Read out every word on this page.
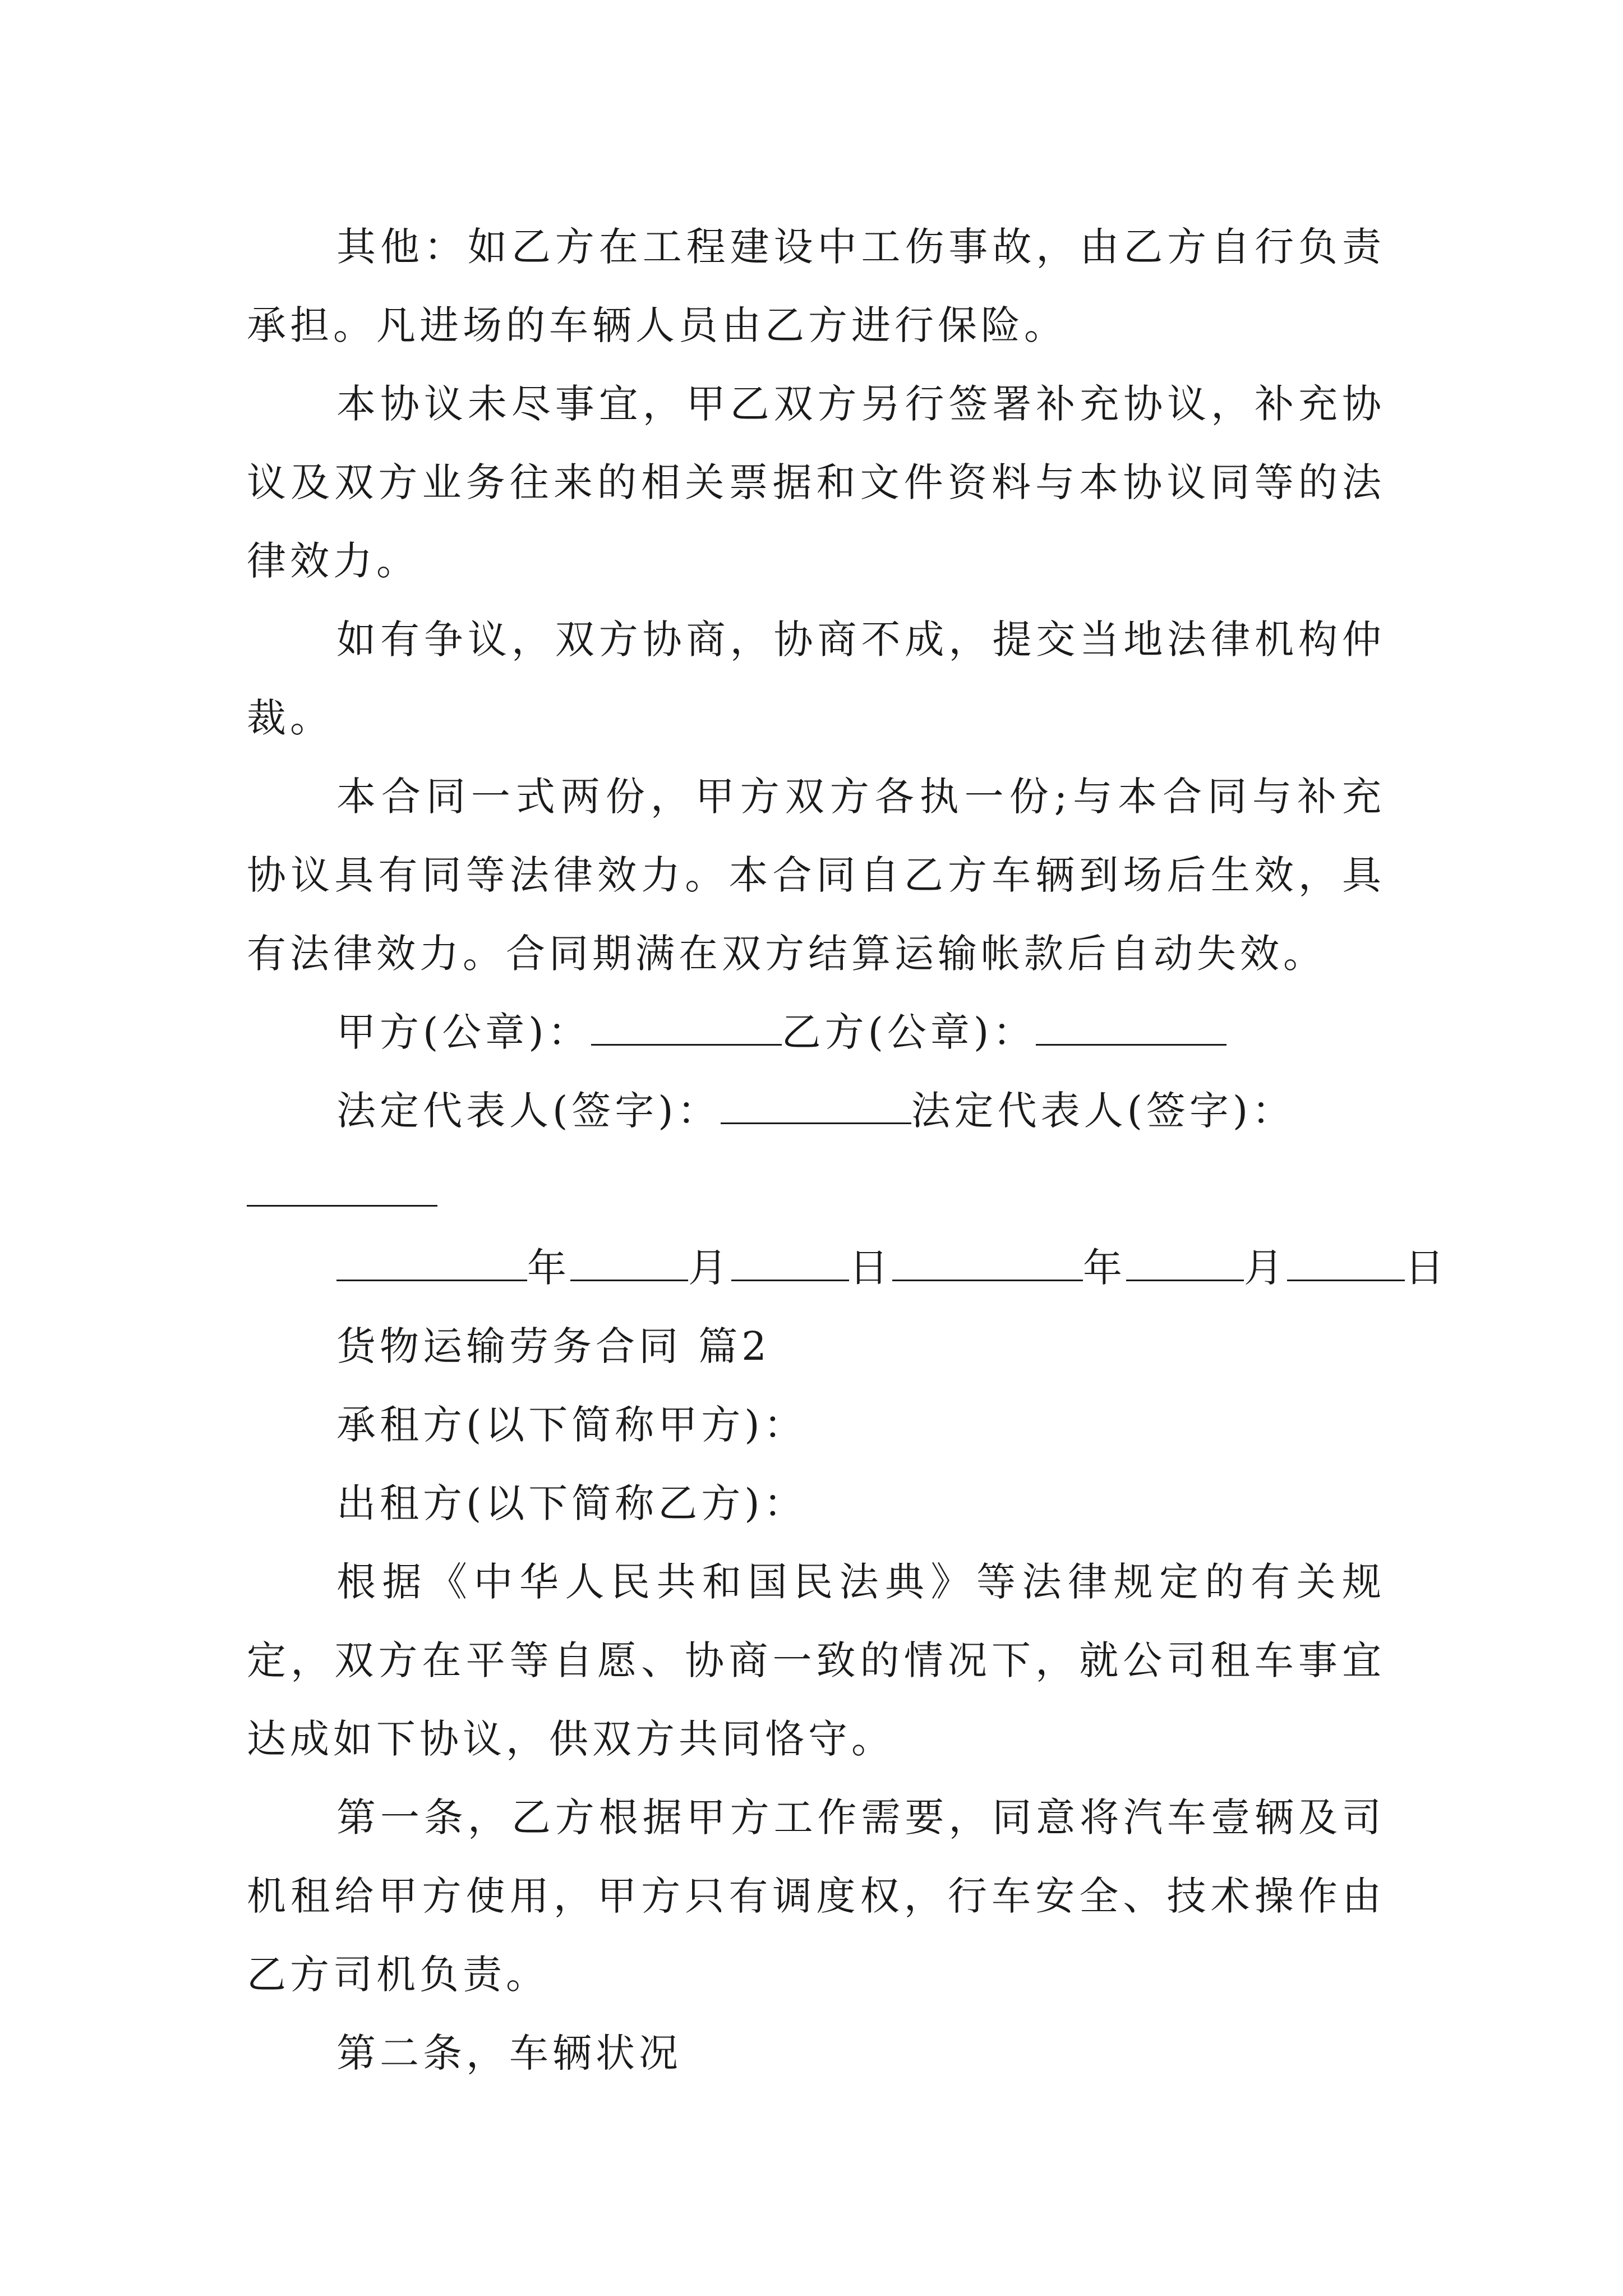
其他：如乙方在工程建设中工伤事故，由乙方自行负责承担。凡进场的车辆人员由乙方进行保险。

本协议未尽事宜，甲乙双方另行签署补充协议，补充协议及双方业务往来的相关票据和文件资料与本协议同等的法律效力。

如有争议，双方协商，协商不成，提交当地法律机构仲裁。

本合同一式两份，甲方双方各执一份;与本合同与补充协议具有同等法律效力。本合同自乙方车辆到场后生效，具有法律效力。合同期满在双方结算运输帐款后自动失效。

甲方(公章)：	乙方(公章)：

法定代表人(签字)：	法定代表人(签字)：

年	月	日	年	月	日

货物运输劳务合同 篇2

承租方(以下简称甲方)：

出租方(以下简称乙方)：

根据《中华人民共和国民法典》等法律规定的有关规定，双方在平等自愿、协商一致的情况下，就公司租车事宜达成如下协议，供双方共同恪守。

第一条，乙方根据甲方工作需要，同意将汽车壹辆及司机租给甲方使用，甲方只有调度权，行车安全、技术操作由乙方司机负责。

第二条，车辆状况
